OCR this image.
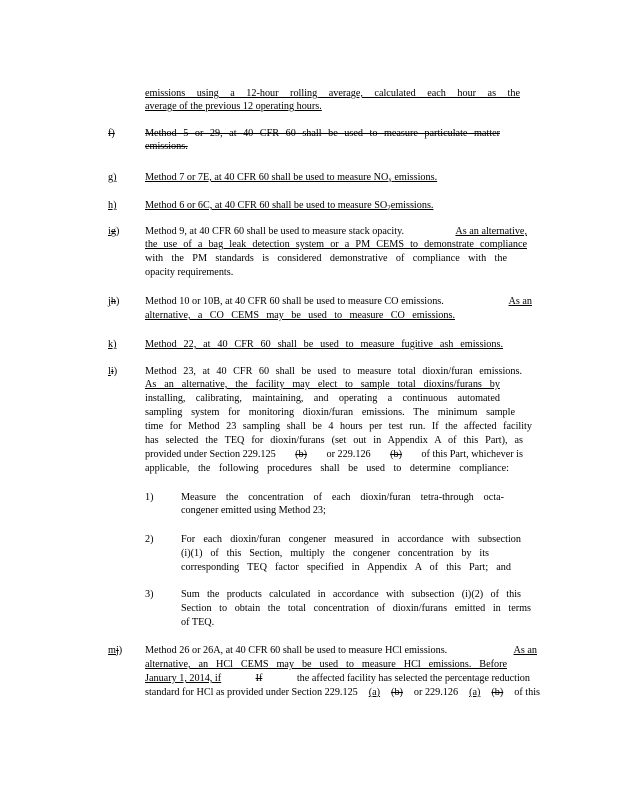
emissions using a 12-hour rolling average, calculated each hour as the
average of the previous 12 operating hours.
f)	Method 5 or 29, at 40 CFR 60 shall be used to measure particulate matter
emissions.
g)	Method 7 or 7E, at 40 CFR 60 shall be used to measure $NO_x$ emissions.
h)	Method 6 or 6C, at 40 CFR 60 shall be used to measure $SO_2emissions$.
ig)	Method 9, at 40 CFR 60 shall be used to measure stack opacity.	As an alternative,
the use of a bag leak detection system or a PM CEMS to demonstrate compliance
with the PM standards is considered demonstrative of compliance with the
opacity requirements.
jh)	Method 10 or 10B, at 40 CFR 60 shall be used to measure CO emissions.	As an
alternative, a CO CEMS may be used to measure CO emissions.
k)	Method 22, at 40 CFR 60 shall be used to measure fugitive ash emissions.
li)	Method 23, at 40 CFR 60 shall be used to measure total dioxin/furan emissions.
As an alternative, the facility may elect to sample total dioxins/furans by
installing, calibrating, maintaining, and operating a continuous automated
sampling system for monitoring dioxin/furan emissions. The minimum sample
time for Method 23 sampling shall be 4 hours per test run. If the affected facility
has selected the TEQ for dioxin/furans (set out in Appendix A of this Part), as
provided under Section 229.125 (b) or 229.126 (b) of this Part, whichever is
applicable, the following procedures shall be used to determine compliance:
1)	Measure the concentration of each dioxin/furan tetra-through octa-
congener emitted using Method 23;
2)	For each dioxin/furan congener measured in accordance with subsection
(i)(1) of this Section, multiply the congener concentration by its
corresponding TEQ factor specified in Appendix A of this Part; and
3)	Sum the products calculated in accordance with subsection (i)(2) of this
Section to obtain the total concentration of dioxin/furans emitted in terms
of TEQ.
mj) Method 26 or 26A, at 40 CFR 60 shall be used to measure HCl emissions.	As an
alternative, an HCl CEMS may be used to measure HCl emissions. Before
January 1, 2014, if	If	the affected facility has selected the percentage reduction
standard for HCl as provided under Section 229.125 (a) (b) or 229.126 (a) (b) of this
